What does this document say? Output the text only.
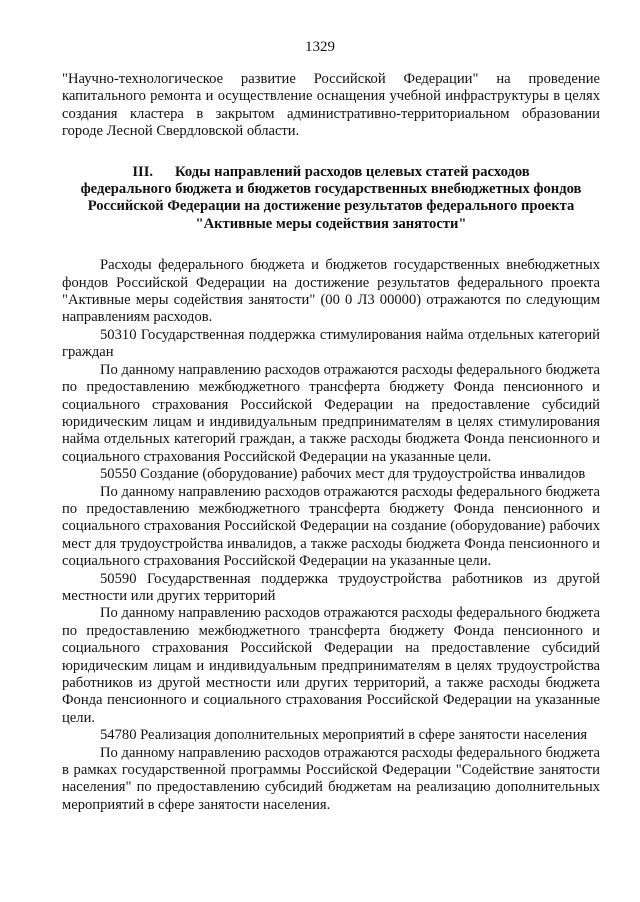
1329

"Научно-технологическое развитие Российской Федерации" на проведение капитального ремонта и осуществление оснащения учебной инфраструктуры в целях создания кластера в закрытом административно-территориальном образовании городе Лесной Свердловской области.

III. Коды направлений расходов целевых статей расходов
федерального бюджета и бюджетов государственных внебюджетных фондов
Российской Федерации на достижение результатов федерального проекта
"Активные меры содействия занятости"

Расходы федерального бюджета и бюджетов государственных внебюджетных фондов Российской Федерации на достижение результатов федерального проекта "Активные меры содействия занятости" (00 0 Л3 00000) отражаются по следующим направлениям расходов.

50310 Государственная поддержка стимулирования найма отдельных категорий граждан

По данному направлению расходов отражаются расходы федерального бюджета по предоставлению межбюджетного трансферта бюджету Фонда пенсионного и социального страхования Российской Федерации на предоставление субсидий юридическим лицам и индивидуальным предпринимателям в целях стимулирования найма отдельных категорий граждан, а также расходы бюджета Фонда пенсионного и социального страхования Российской Федерации на указанные цели.

50550 Создание (оборудование) рабочих мест для трудоустройства инвалидов

По данному направлению расходов отражаются расходы федерального бюджета по предоставлению межбюджетного трансферта бюджету Фонда пенсионного и социального страхования Российской Федерации на создание (оборудование) рабочих мест для трудоустройства инвалидов, а также расходы бюджета Фонда пенсионного и социального страхования Российской Федерации на указанные цели.

50590 Государственная поддержка трудоустройства работников из другой местности или других территорий

По данному направлению расходов отражаются расходы федерального бюджета по предоставлению межбюджетного трансферта бюджету Фонда пенсионного и социального страхования Российской Федерации на предоставление субсидий юридическим лицам и индивидуальным предпринимателям в целях трудоустройства работников из другой местности или других территорий, а также расходы бюджета Фонда пенсионного и социального страхования Российской Федерации на указанные цели.

54780 Реализация дополнительных мероприятий в сфере занятости населения

По данному направлению расходов отражаются расходы федерального бюджета в рамках государственной программы Российской Федерации "Содействие занятости населения" по предоставлению субсидий бюджетам на реализацию дополнительных мероприятий в сфере занятости населения.
